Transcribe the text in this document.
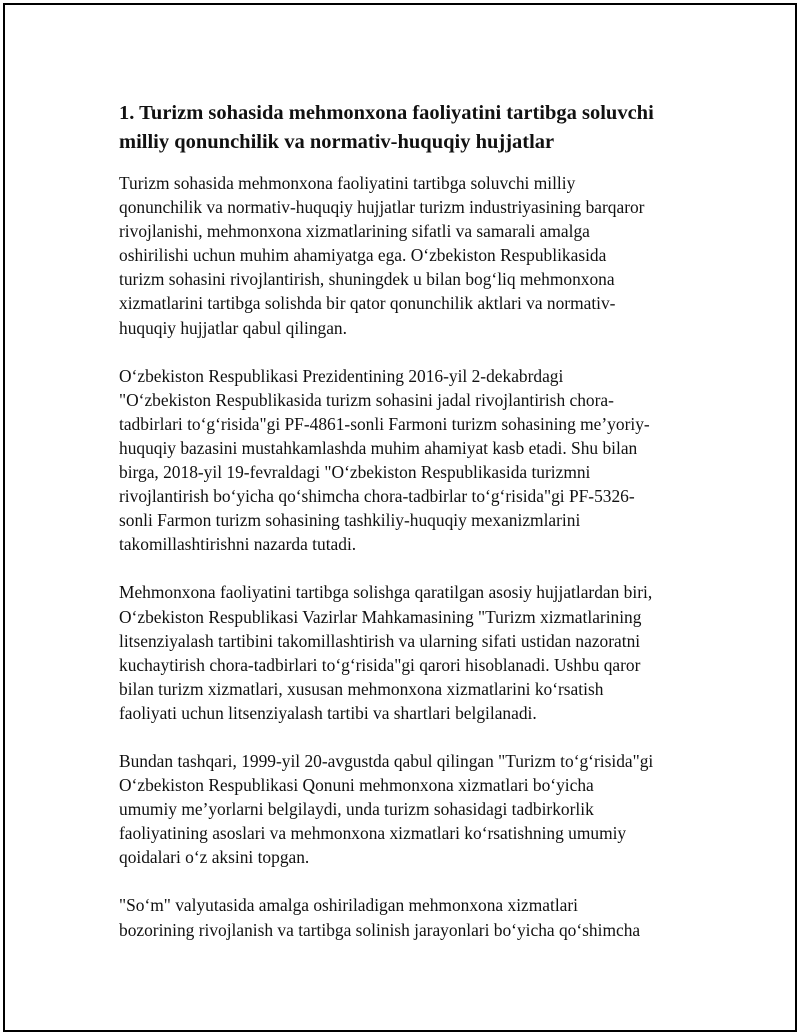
1. Turizm sohasida mehmonxona faoliyatini tartibga soluvchi
milliy qonunchilik va normativ-huquqiy hujjatlar

Turizm sohasida mehmonxona faoliyatini tartibga soluvchi milliy
qonunchilik va normativ-huquqiy hujjatlar turizm industriyasining barqaror
rivojlanishi, mehmonxona xizmatlarining sifatli va samarali amalga
oshirilishi uchun muhim ahamiyatga ega. O‘zbekiston Respublikasida
turizm sohasini rivojlantirish, shuningdek u bilan bog‘liq mehmonxona
xizmatlarini tartibga solishda bir qator qonunchilik aktlari va normativ-
huquqiy hujjatlar qabul qilingan.

O‘zbekiston Respublikasi Prezidentining 2016-yil 2-dekabrdagi
"O‘zbekiston Respublikasida turizm sohasini jadal rivojlantirish chora-
tadbirlari to‘g‘risida"gi PF-4861-sonli Farmoni turizm sohasining me’yoriy-
huquqiy bazasini mustahkamlashda muhim ahamiyat kasb etadi. Shu bilan
birga, 2018-yil 19-fevraldagi "O‘zbekiston Respublikasida turizmni
rivojlantirish bo‘yicha qo‘shimcha chora-tadbirlar to‘g‘risida"gi PF-5326-
sonli Farmon turizm sohasining tashkiliy-huquqiy mexanizmlarini
takomillashtirishni nazarda tutadi.

Mehmonxona faoliyatini tartibga solishga qaratilgan asosiy hujjatlardan biri,
O‘zbekiston Respublikasi Vazirlar Mahkamasining "Turizm xizmatlarining
litsenziyalash tartibini takomillashtirish va ularning sifati ustidan nazoratni
kuchaytirish chora-tadbirlari to‘g‘risida"gi qarori hisoblanadi. Ushbu qaror
bilan turizm xizmatlari, xususan mehmonxona xizmatlarini ko‘rsatish
faoliyati uchun litsenziyalash tartibi va shartlari belgilanadi.

Bundan tashqari, 1999-yil 20-avgustda qabul qilingan "Turizm to‘g‘risida"gi
O‘zbekiston Respublikasi Qonuni mehmonxona xizmatlari bo‘yicha
umumiy me’yorlarni belgilaydi, unda turizm sohasidagi tadbirkorlik
faoliyatining asoslari va mehmonxona xizmatlari ko‘rsatishning umumiy
qoidalari o‘z aksini topgan.

"So‘m" valyutasida amalga oshiriladigan mehmonxona xizmatlari
bozorining rivojlanish va tartibga solinish jarayonlari bo‘yicha qo‘shimcha
